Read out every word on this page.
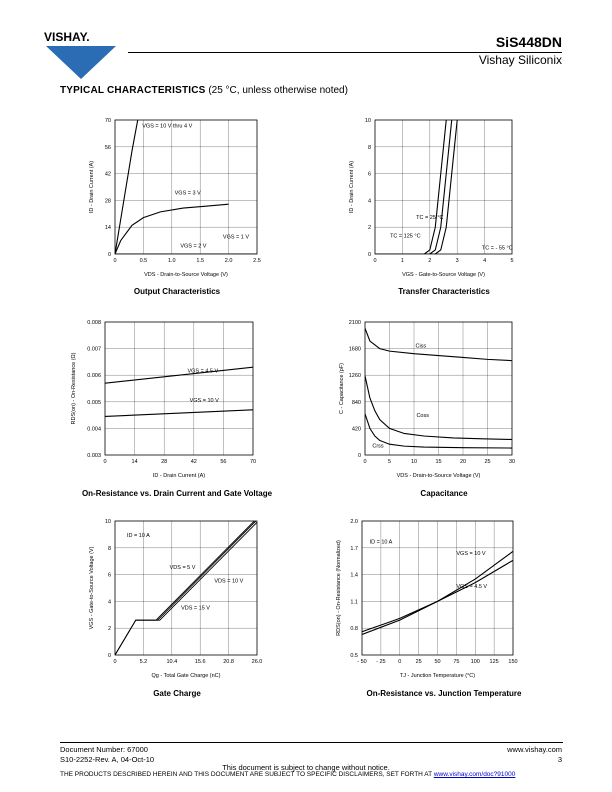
VISHAY.	SiS448DN
Vishay Siliconix
TYPICAL CHARACTERISTICS (25 °C, unless otherwise noted)
0	0.5	1.0	1.5	2.0	2.5
0
14
28
42
56
70
VDS - Drain-to-Source Voltage (V)
ID - Drain Current (A)
VGS = 10 V thru 4 V
VGS = 3 V
VGS = 2 V
VGS = 1 V
0	1	2	3	4	5
0
2
4
6
8
10
VGS - Gate-to-Source Voltage (V)
ID - Drain Current (A)
TC = 25 °C
TC = 125 °C
TC = - 55 °C
0	14	28	42	56	70
0.003
0.004
0.005
0.006
0.007
0.008
ID - Drain Current (A)
RDS(on) - On-Resistance (Ω)	VGS = 4.5 V
VGS = 10 V
0	5	10	15	20	25	30
0
420
840
1260
1680
2100
VDS - Drain-to-Source Voltage (V)
C - Capacitance (pF)
Ciss
Coss
Crss
0	5.2	10.4	15.6	20.8	26.0
0
2
4
6
8
10
Qg - Total Gate Charge (nC)
VGS - Gate-to-Source Voltage (V)
ID = 10 A
VDS = 5 V
VDS = 10 V
VDS = 15 V
- 50 - 25 0	25 50 75 100 125 150
0.5
0.8
1.1
1.4
1.7
2.0
TJ - Junction Temperature (°C)
RDS(on) - On-Resistance (Normalized)	ID = 10 A
VGS = 10 V
VGS = 4.5 V
Output Characteristics	Transfer Characteristics
On-Resistance vs. Drain Current and Gate Voltage	Capacitance
Gate Charge	On-Resistance vs. Junction Temperature
Document Number: 67000
S10-2252-Rev. A, 04-Oct-10
www.vishay.com
3
This document is subject to change without notice.
THE PRODUCTS DESCRIBED HEREIN AND THIS DOCUMENT ARE SUBJECT TO SPECIFIC DISCLAIMERS, SET FORTH AT www.vishay.com/doc?91000
